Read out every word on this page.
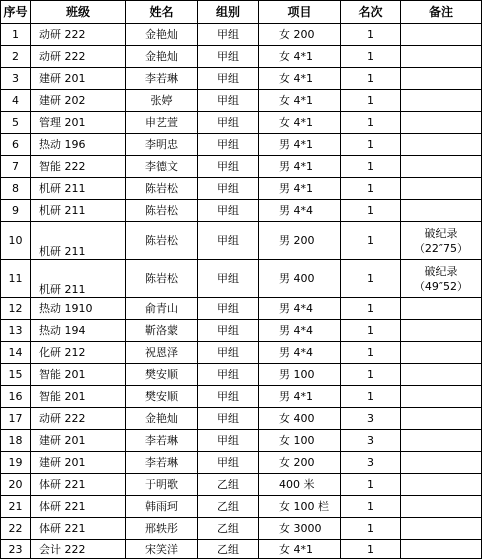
序号	班级	姓名	组别	项目	名次	备注
1	动研 222	金艳灿	甲组	女 200	1	
2	动研 222	金艳灿	甲组	女 4*1	1	
3	建研 201	李若琳	甲组	女 4*1	1	
4	建研 202	张婷	甲组	女 4*1	1	
5	管理 201	申艺萱	甲组	女 4*1	1	
6	热动 196	李明忠	甲组	男 4*1	1	
7	智能 222	李德文	甲组	男 4*1	1	
8	机研 211	陈岩松	甲组	男 4*1	1	
9	机研 211	陈岩松	甲组	男 4*4	1	
10	机研 211	陈岩松	甲组	男 200	1	破纪录（22″75）
11	机研 211	陈岩松	甲组	男 400	1	破纪录（49″52）
12	热动 1910	俞青山	甲组	男 4*4	1	
13	热动 194	靳洛蒙	甲组	男 4*4	1	
14	化研 212	祝恩泽	甲组	男 4*4	1	
15	智能 201	樊安顺	甲组	男 100	1	
16	智能 201	樊安顺	甲组	男 4*1	1	
17	动研 222	金艳灿	甲组	女 400	3	
18	建研 201	李若琳	甲组	女 100	3	
19	建研 201	李若琳	甲组	女 200	3	
20	体研 221	于明歌	乙组	400 米	1	
21	体研 221	韩雨珂	乙组	女 100 栏	1	
22	体研 221	邢轶彤	乙组	女 3000	1	
23	会计 222	宋笑洋	乙组	女 4*1	1	
